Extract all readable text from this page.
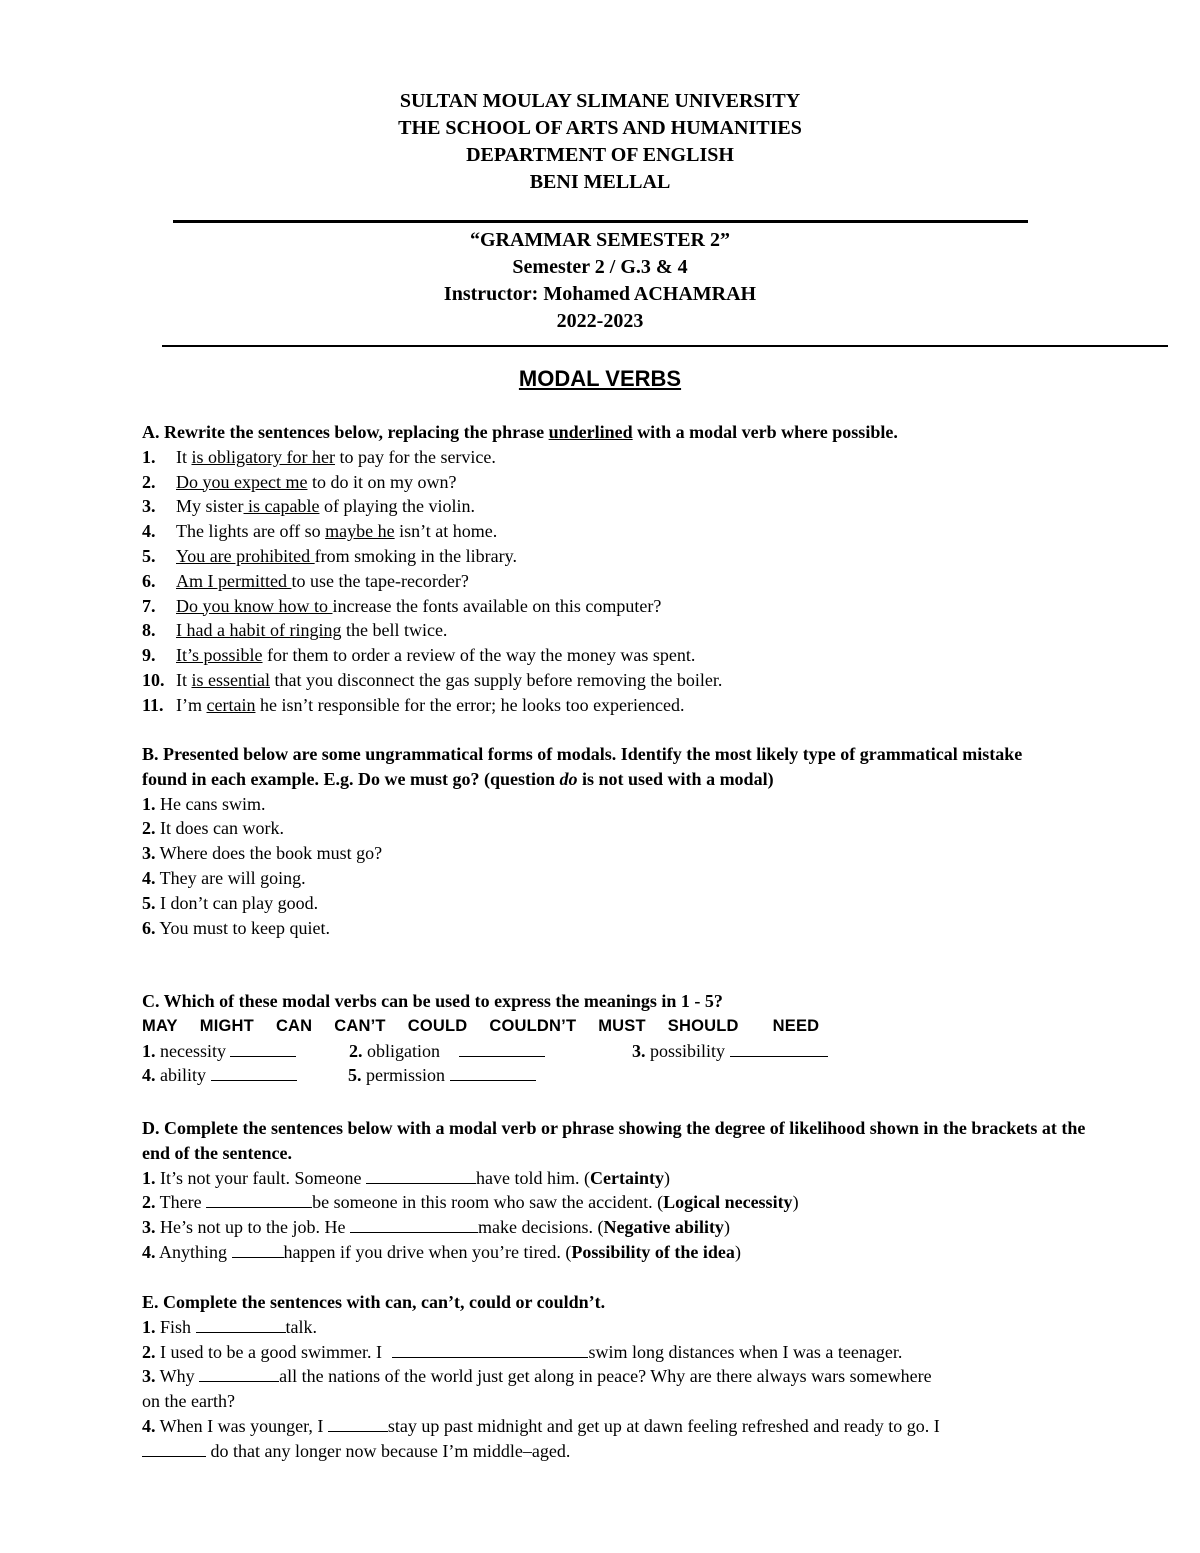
SULTAN MOULAY SLIMANE UNIVERSITY
THE SCHOOL OF ARTS AND HUMANITIES
DEPARTMENT OF ENGLISH
BENI MELLAL
“GRAMMAR SEMESTER 2”
Semester 2 / G.3 & 4
Instructor: Mohamed ACHAMRAH
2022-2023
MODAL VERBS
A. Rewrite the sentences below, replacing the phrase underlined with a modal verb where possible.
1. It is obligatory for her to pay for the service.
2. Do you expect me to do it on my own?
3. My sister is capable of playing the violin.
4. The lights are off so maybe he isn’t at home.
5. You are prohibited from smoking in the library.
6. Am I permitted to use the tape-recorder?
7. Do you know how to increase the fonts available on this computer?
8. I had a habit of ringing the bell twice.
9. It’s possible for them to order a review of the way the money was spent.
10. It is essential that you disconnect the gas supply before removing the boiler.
11. I’m certain he isn’t responsible for the error; he looks too experienced.
B. Presented below are some ungrammatical forms of modals. Identify the most likely type of grammatical mistake found in each example. E.g. Do we must go? (question do is not used with a modal)
1. He cans swim.
2. It does can work.
3. Where does the book must go?
4. They are will going.
5. I don’t can play good.
6. You must to keep quiet.
C. Which of these modal verbs can be used to express the meanings in 1 - 5?
MAY MIGHT CAN CAN’T COULD COULDN’T MUST SHOULD NEED
1. necessity	2. obligation	3. possibility
4. ability	5. permission
D. Complete the sentences below with a modal verb or phrase showing the degree of likelihood shown in the brackets at the end of the sentence.
1. It’s not your fault. Someone	have told him. (Certainty)
2. There	be someone in this room who saw the accident. (Logical necessity)
3. He’s not up to the job. He	make decisions. (Negative ability)
4. Anything	happen if you drive when you’re tired. (Possibility of the idea)
E. Complete the sentences with can, can’t, could or couldn’t.
1. Fish	talk.
2. I used to be a good swimmer. I	swim long distances when I was a teenager.
3. Why	all the nations of the world just get along in peace? Why are there always wars somewhere
on the earth?
4. When I was younger, I	stay up past midnight and get up at dawn feeling refreshed and ready to go. I
do that any longer now because I’m middle–aged.
